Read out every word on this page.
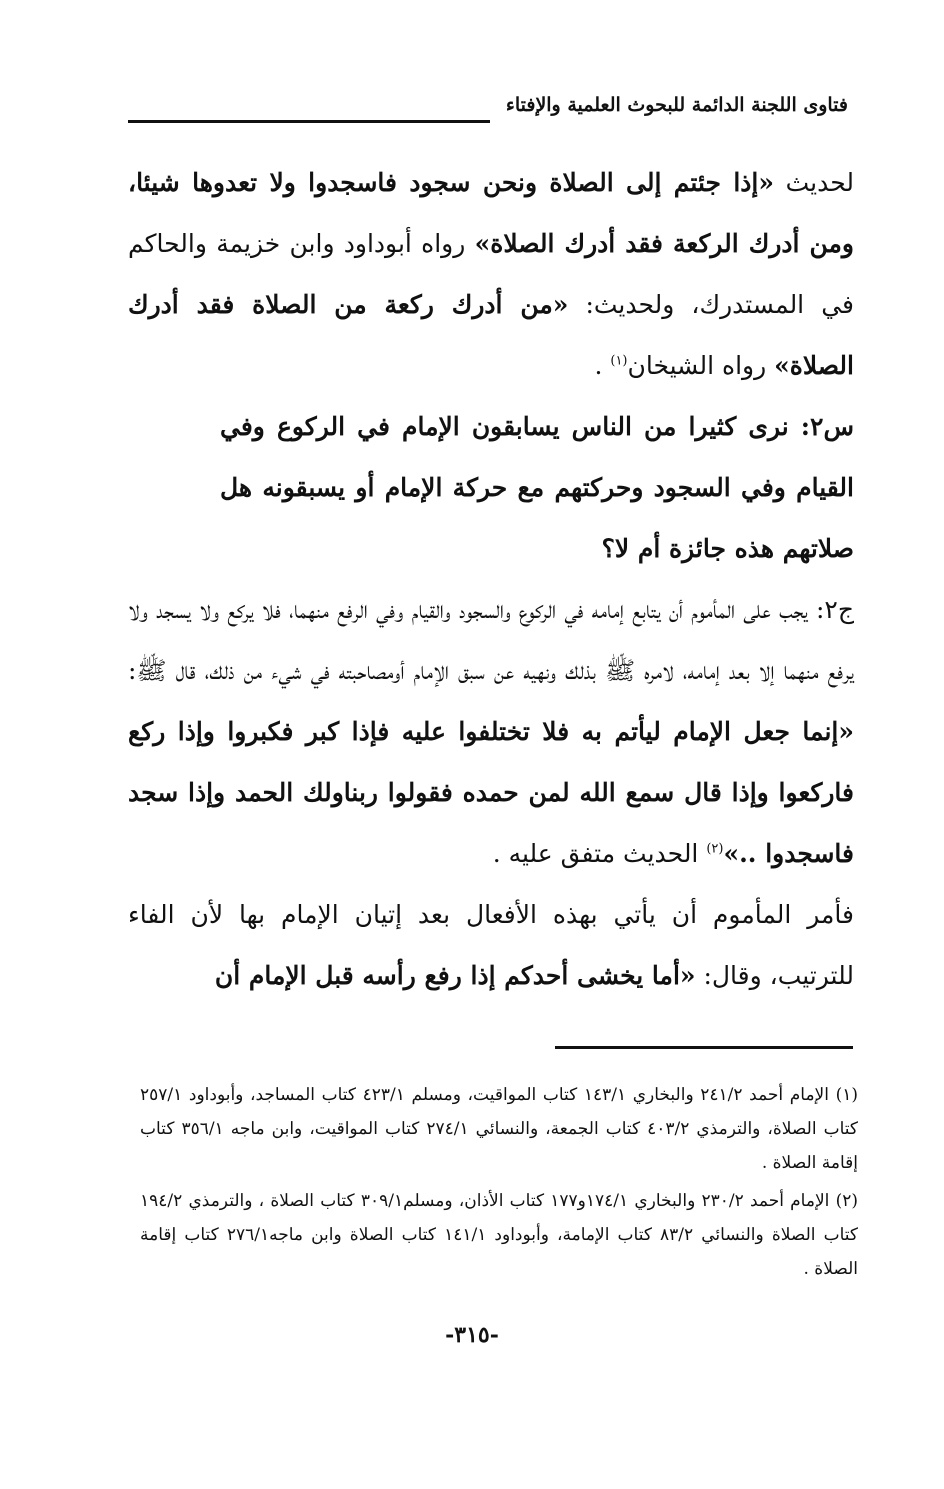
فتاوى اللجنة الدائمة للبحوث العلمية والإفتاء

لحديث «إذا جئتم إلى الصلاة ونحن سجود فاسجدوا ولا تعدوها شيئا، ومن أدرك الركعة فقد أدرك الصلاة» رواه أبوداود وابن خزيمة والحاكم في المستدرك، ولحديث: «من أدرك ركعة من الصلاة فقد أدرك الصلاة» رواه الشيخان$^{(١)}$ .

س٢: نرى كثيرا من الناس يسابقون الإمام في الركوع وفي القيام وفي السجود وحركتهم مع حركة الإمام أو يسبقونه هل صلاتهم هذه جائزة أم لا؟

ج٢: يجب على المأموم أن يتابع إمامه في الركوع والسجود والقيام وفي الرفع منهما، فلا يركع ولا يسجد ولا يرفع منهما إلا بعد إمامه، لامره ﷺ بذلك ونهيه عن سبق الإمام أومصاحبته في شيء من ذلك، قال ﷺ: «إنما جعل الإمام ليأتم به فلا تختلفوا عليه فإذا كبر فكبروا وإذا ركع فاركعوا وإذا قال سمع الله لمن حمده فقولوا ربناولك الحمد وإذا سجد فاسجدوا ..»$^{(٢)}$ الحديث متفق عليه .

فأمر المأموم أن يأتي بهذه الأفعال بعد إتيان الإمام بها لأن الفاء للترتيب، وقال: «أما يخشى أحدكم إذا رفع رأسه قبل الإمام أن

(١) الإمام أحمد ٢٤١/٢ والبخاري ١٤٣/١ كتاب المواقيت، ومسلم ٤٢٣/١ كتاب المساجد، وأبوداود ٢٥٧/١ كتاب الصلاة، والترمذي ٤٠٣/٢ كتاب الجمعة، والنسائي ٢٧٤/١ كتاب المواقيت، وابن ماجه ٣٥٦/١ كتاب إقامة الصلاة .

(٢) الإمام أحمد ٢٣٠/٢ والبخاري ١٧٤/١و١٧٧ كتاب الأذان، ومسلم٣٠٩/١ كتاب الصلاة ، والترمذي ١٩٤/٢ كتاب الصلاة والنسائي ٨٣/٢ كتاب الإمامة، وأبوداود ١٤١/١ كتاب الصلاة وابن ماجه٢٧٦/١ كتاب إقامة الصلاة .

-٣١٥-
